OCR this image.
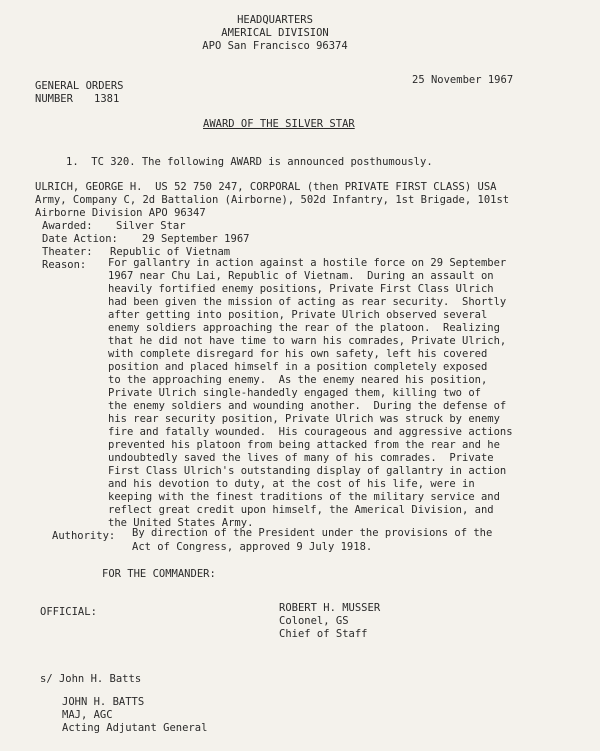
HEADQUARTERS
AMERICAL DIVISION
APO San Francisco 96374
GENERAL ORDERS
NUMBER 1381
25 November 1967
AWARD OF THE SILVER STAR
1.  TC 320. The following AWARD is announced posthumously.
ULRICH, GEORGE H.  US 52 750 247, CORPORAL (then PRIVATE FIRST CLASS) USA
Army, Company C, 2d Battalion (Airborne), 502d Infantry, 1st Brigade, 101st
Airborne Division APO 96347
Awarded: Silver Star
Date Action: 29 September 1967
Theater: Republic of Vietnam
Reason: For gallantry in action against a hostile force on 29 September
1967 near Chu Lai, Republic of Vietnam.  During an assault on
heavily fortified enemy positions, Private First Class Ulrich
had been given the mission of acting as rear security.  Shortly
after getting into position, Private Ulrich observed several
enemy soldiers approaching the rear of the platoon.  Realizing
that he did not have time to warn his comrades, Private Ulrich,
with complete disregard for his own safety, left his covered
position and placed himself in a position completely exposed
to the approaching enemy.  As the enemy neared his position,
Private Ulrich single-handedly engaged them, killing two of
the enemy soldiers and wounding another.  During the defense of
his rear security position, Private Ulrich was struck by enemy
fire and fatally wounded.  His courageous and aggressive actions
prevented his platoon from being attacked from the rear and he
undoubtedly saved the lives of many of his comrades.  Private
First Class Ulrich's outstanding display of gallantry in action
and his devotion to duty, at the cost of his life, were in
keeping with the finest traditions of the military service and
reflect great credit upon himself, the Americal Division, and
the United States Army.
Authority: By direction of the President under the provisions of the
Act of Congress, approved 9 July 1918.
FOR THE COMMANDER:
OFFICIAL:	ROBERT H. MUSSER
Colonel, GS
Chief of Staff
s/ John H. Batts
JOHN H. BATTS
MAJ, AGC
Acting Adjutant General
